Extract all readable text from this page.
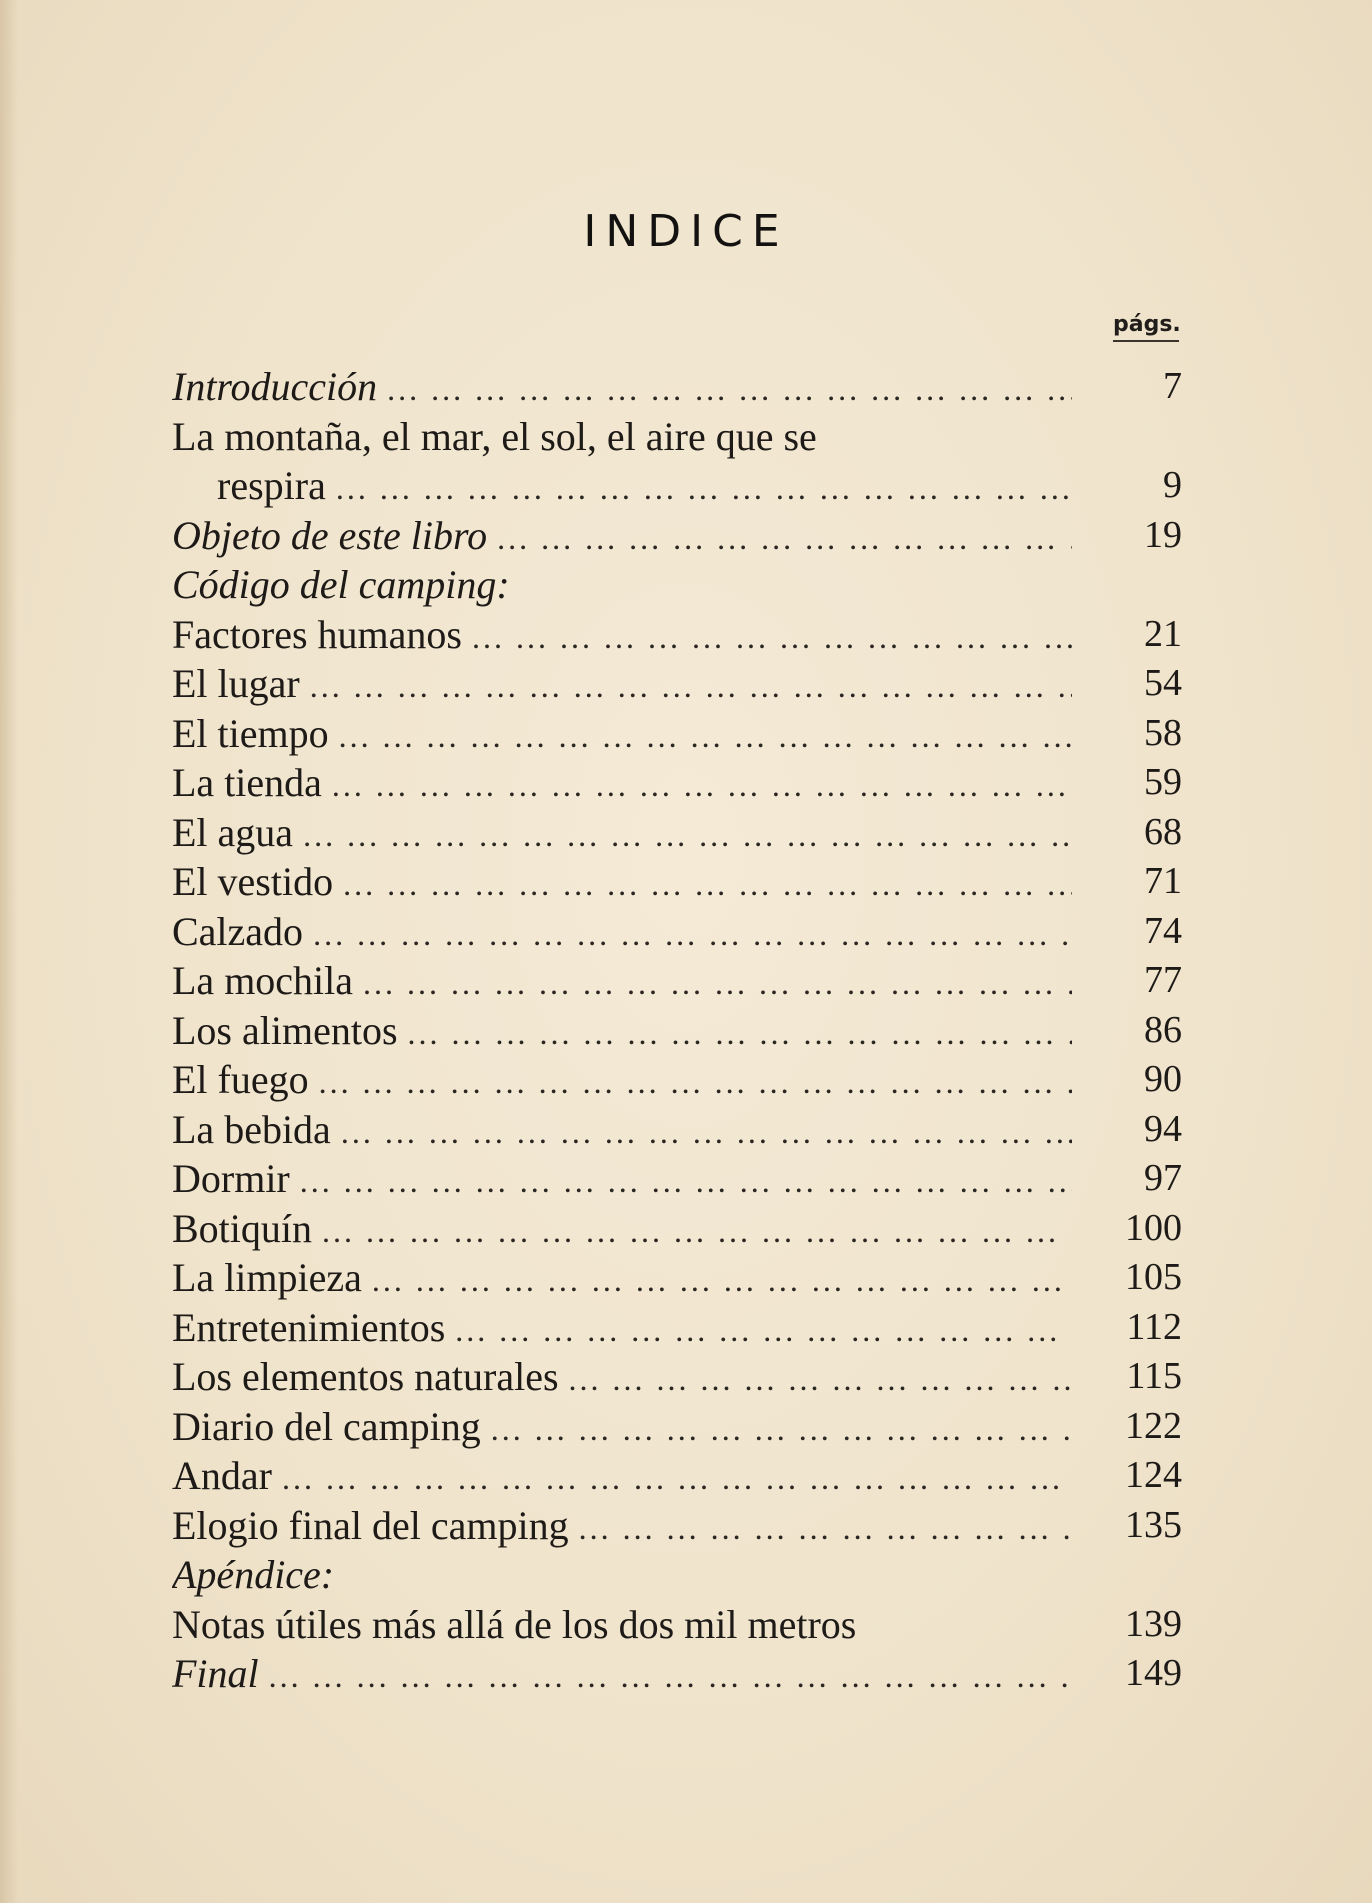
INDICE
págs.
Introducción ... .	7
La montaña, el mar, el sol, el aire que se
respira ... .	9
Objeto de este libro ... .	19
Código del camping:
Factores humanos ... .	21
El lugar ... .	54
El tiempo ... .	58
La tienda ... .	59
El agua ... .	68
El vestido ... .	71
Calzado ... .	74
La mochila ... .	77
Los alimentos ... .	86
El fuego ... .	90
La bebida ... .	94
Dormir ... .	97
Botiquín ... .	100
La limpieza ... .	105
Entretenimientos ... .	112
Los elementos naturales ... .	115
Diario del camping ... .	122
Andar ... .	124
Elogio final del camping ... .	135
Apéndice:
Notas útiles más allá de los dos mil metros	139
Final ... .	149
